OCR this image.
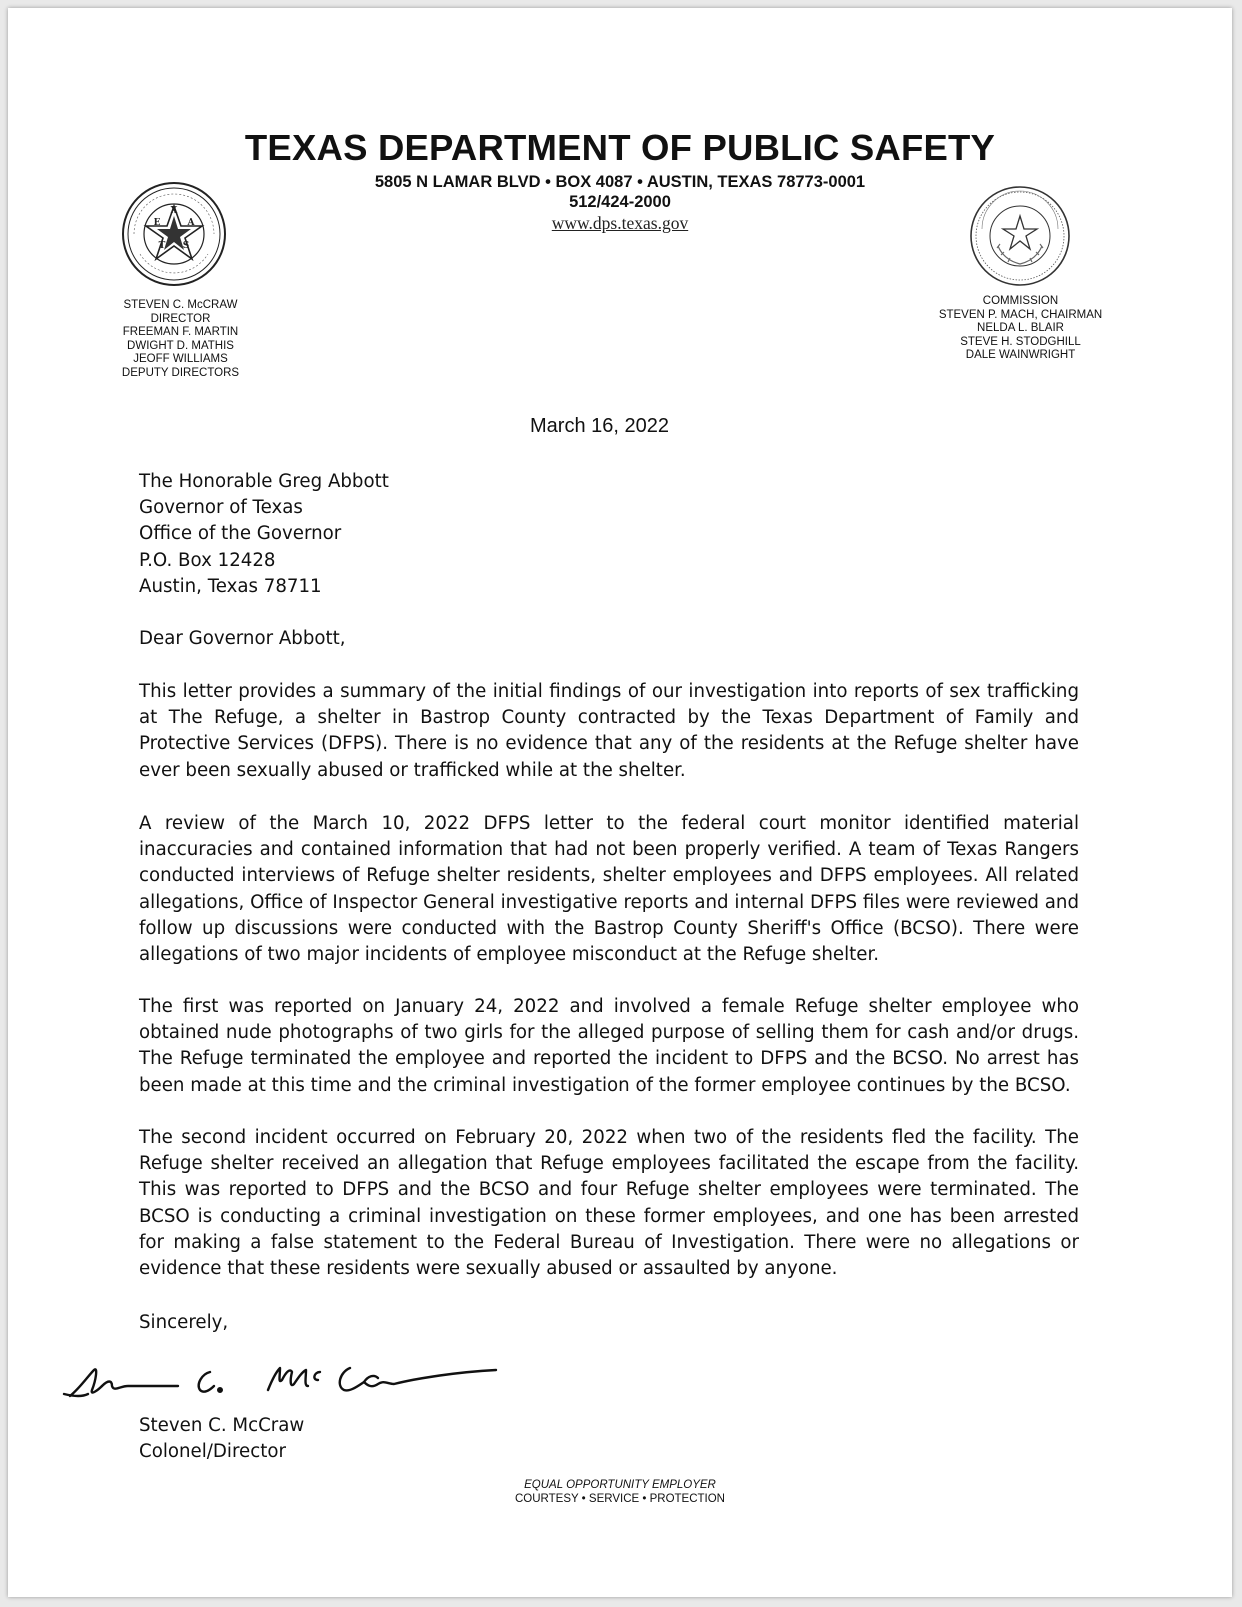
TEXAS DEPARTMENT OF PUBLIC SAFETY
5805 N LAMAR BLVD • BOX 4087 • AUSTIN, TEXAS 78773-0001
512/424-2000
www.dps.texas.gov
X
E	A
T S
STEVEN C. McCRAW
DIRECTOR
FREEMAN F. MARTIN
DWIGHT D. MATHIS
JEOFF WILLIAMS
DEPUTY DIRECTORS
COMMISSION
STEVEN P. MACH, CHAIRMAN
NELDA L. BLAIR
STEVE H. STODGHILL
DALE WAINWRIGHT
March 16, 2022
The Honorable Greg Abbott
Governor of Texas
Office of the Governor
P.O. Box 12428
Austin, Texas 78711
Dear Governor Abbott,
This letter provides a summary of the initial findings of our investigation into reports of sex trafficking at The Refuge, a shelter in Bastrop County contracted by the Texas Department of Family and Protective Services (DFPS). There is no evidence that any of the residents at the Refuge shelter have ever been sexually abused or trafficked while at the shelter.
A review of the March 10, 2022 DFPS letter to the federal court monitor identified material inaccuracies and contained information that had not been properly verified. A team of Texas Rangers conducted interviews of Refuge shelter residents, shelter employees and DFPS employees. All related allegations, Office of Inspector General investigative reports and internal DFPS files were reviewed and follow up discussions were conducted with the Bastrop County Sheriff's Office (BCSO). There were allegations of two major incidents of employee misconduct at the Refuge shelter.
The first was reported on January 24, 2022 and involved a female Refuge shelter employee who obtained nude photographs of two girls for the alleged purpose of selling them for cash and/or drugs. The Refuge terminated the employee and reported the incident to DFPS and the BCSO. No arrest has been made at this time and the criminal investigation of the former employee continues by the BCSO.
The second incident occurred on February 20, 2022 when two of the residents fled the facility. The Refuge shelter received an allegation that Refuge employees facilitated the escape from the facility. This was reported to DFPS and the BCSO and four Refuge shelter employees were terminated. The BCSO is conducting a criminal investigation on these former employees, and one has been arrested for making a false statement to the Federal Bureau of Investigation. There were no allegations or evidence that these residents were sexually abused or assaulted by anyone.
Sincerely,
Steven C. McCraw
Colonel/Director
EQUAL OPPORTUNITY EMPLOYER
COURTESY • SERVICE • PROTECTION
